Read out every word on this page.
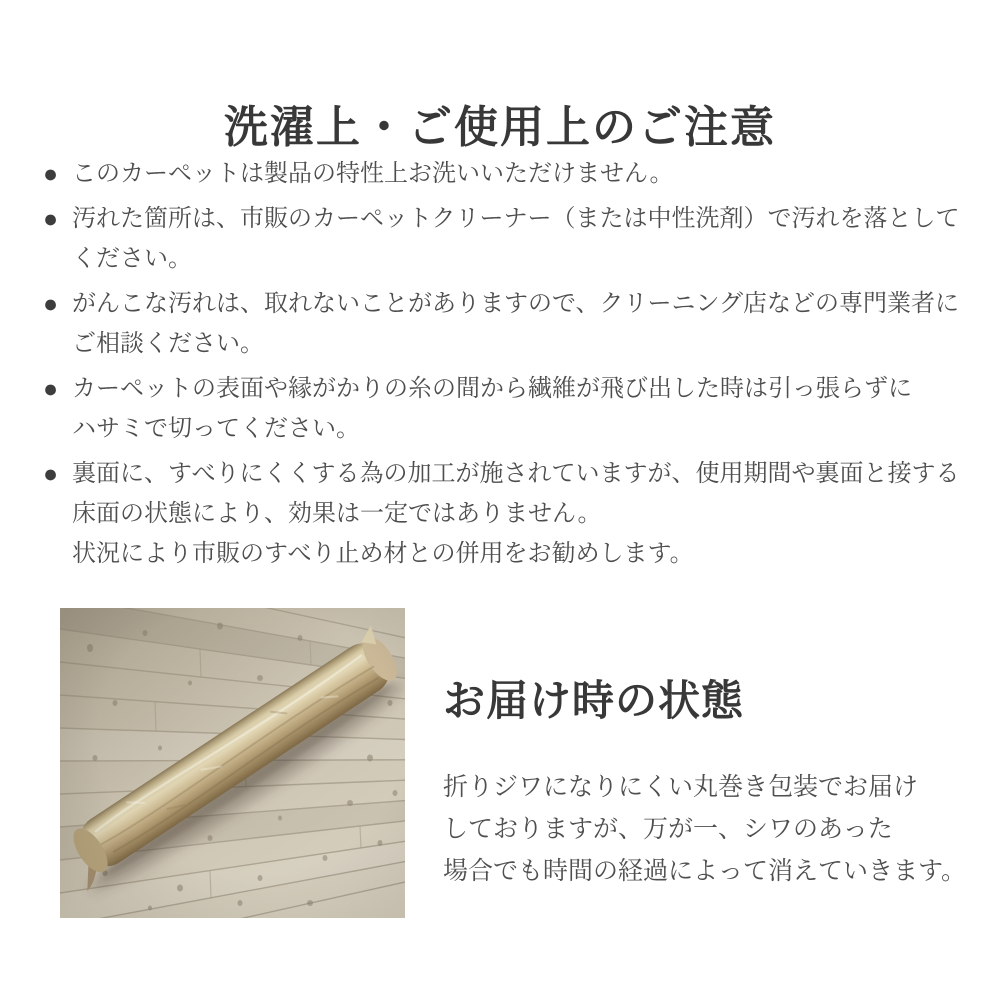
洗濯上・ご使用上のご注意
● このカーペットは製品の特性上お洗いいただけません。
● 汚れた箇所は、市販のカーペットクリーナー（または中性洗剤）で汚れを落として
ください。
● がんこな汚れは、取れないことがありますので、クリーニング店などの専門業者に
ご相談ください。
● カーペットの表面や縁がかりの糸の間から繊維が飛び出した時は引っ張らずに
ハサミで切ってください。
● 裏面に、すべりにくくする為の加工が施されていますが、使用期間や裏面と接する
床面の状態により、効果は一定ではありません。
状況により市販のすべり止め材との併用をお勧めします。
お届け時の状態
折りジワになりにくい丸巻き包装でお届け
しておりますが、万が一、シワのあった
場合でも時間の経過によって消えていきます。
